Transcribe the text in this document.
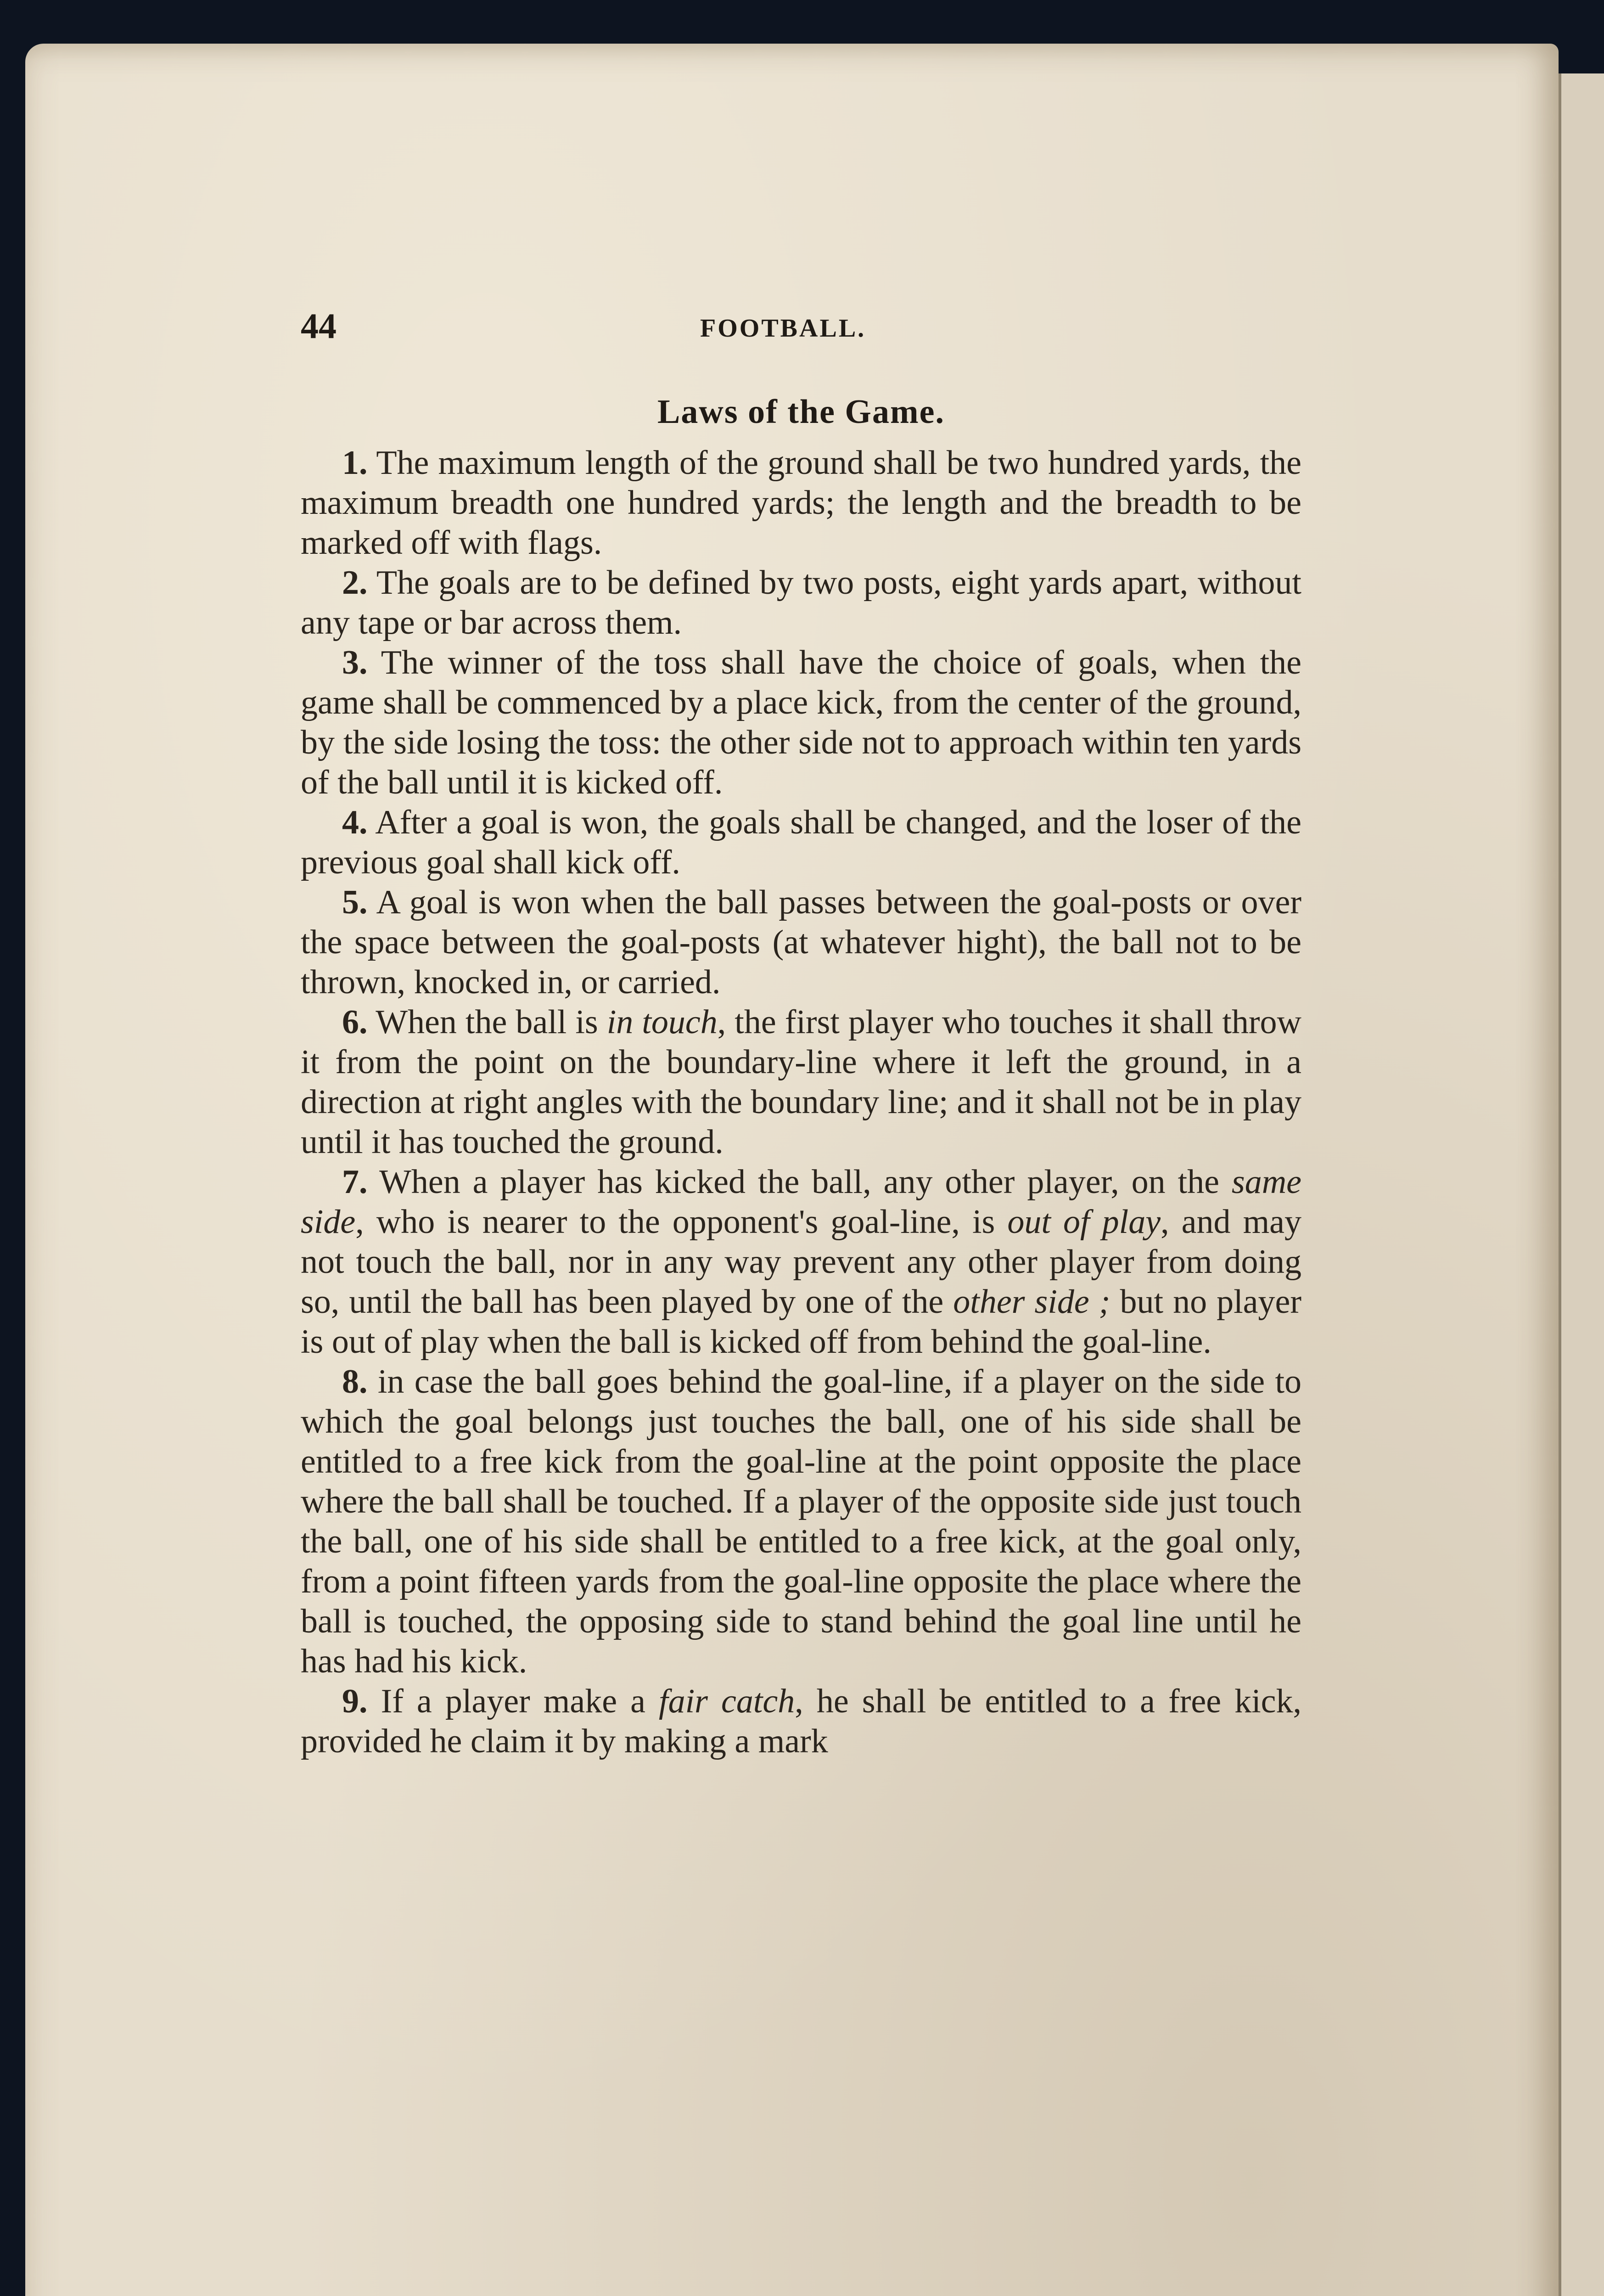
44	FOOTBALL.
Laws of the Game.

1. The maximum length of the ground shall be two hundred yards, the maximum breadth one hundred yards; the length and the breadth to be marked off with flags.

2. The goals are to be defined by two posts, eight yards apart, without any tape or bar across them.

3. The winner of the toss shall have the choice of goals, when the game shall be commenced by a place kick, from the center of the ground, by the side losing the toss: the other side not to approach within ten yards of the ball until it is kicked off.

4. After a goal is won, the goals shall be changed, and the loser of the previous goal shall kick off.

5. A goal is won when the ball passes between the goal-posts or over the space between the goal-posts (at whatever hight), the ball not to be thrown, knocked in, or carried.

6. When the ball is in touch, the first player who touches it shall throw it from the point on the boundary-line where it left the ground, in a direction at right angles with the boundary line; and it shall not be in play until it has touched the ground.

7. When a player has kicked the ball, any other player, on the same side, who is nearer to the opponent's goal-line, is out of play, and may not touch the ball, nor in any way prevent any other player from doing so, until the ball has been played by one of the other side ; but no player is out of play when the ball is kicked off from behind the goal-line.

8. in case the ball goes behind the goal-line, if a player on the side to which the goal belongs just touches the ball, one of his side shall be entitled to a free kick from the goal-line at the point opposite the place where the ball shall be touched. If a player of the opposite side just touch the ball, one of his side shall be entitled to a free kick, at the goal only, from a point fifteen yards from the goal-line opposite the place where the ball is touched, the opposing side to stand behind the goal line until he has had his kick.

9. If a player make a fair catch, he shall be entitled to a free kick, provided he claim it by making a mark
